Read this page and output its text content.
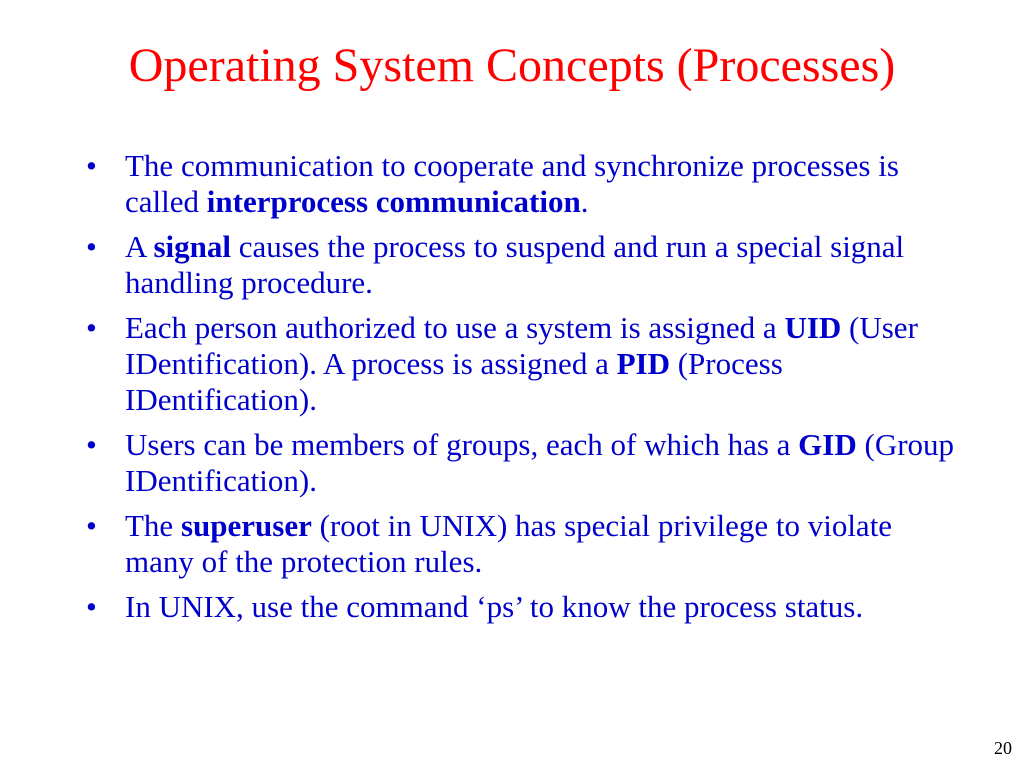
Operating System Concepts (Processes)
• The communication to cooperate and synchronize processes is called interprocess communication.
• A signal causes the process to suspend and run a special signal handling procedure.
• Each person authorized to use a system is assigned a UID (User IDentification). A process is assigned a PID (Process IDentification).
• Users can be members of groups, each of which has a GID (Group IDentification).
• The superuser (root in UNIX) has special privilege to violate many of the protection rules.
• In UNIX, use the command ‘ps’ to know the process status.
20
